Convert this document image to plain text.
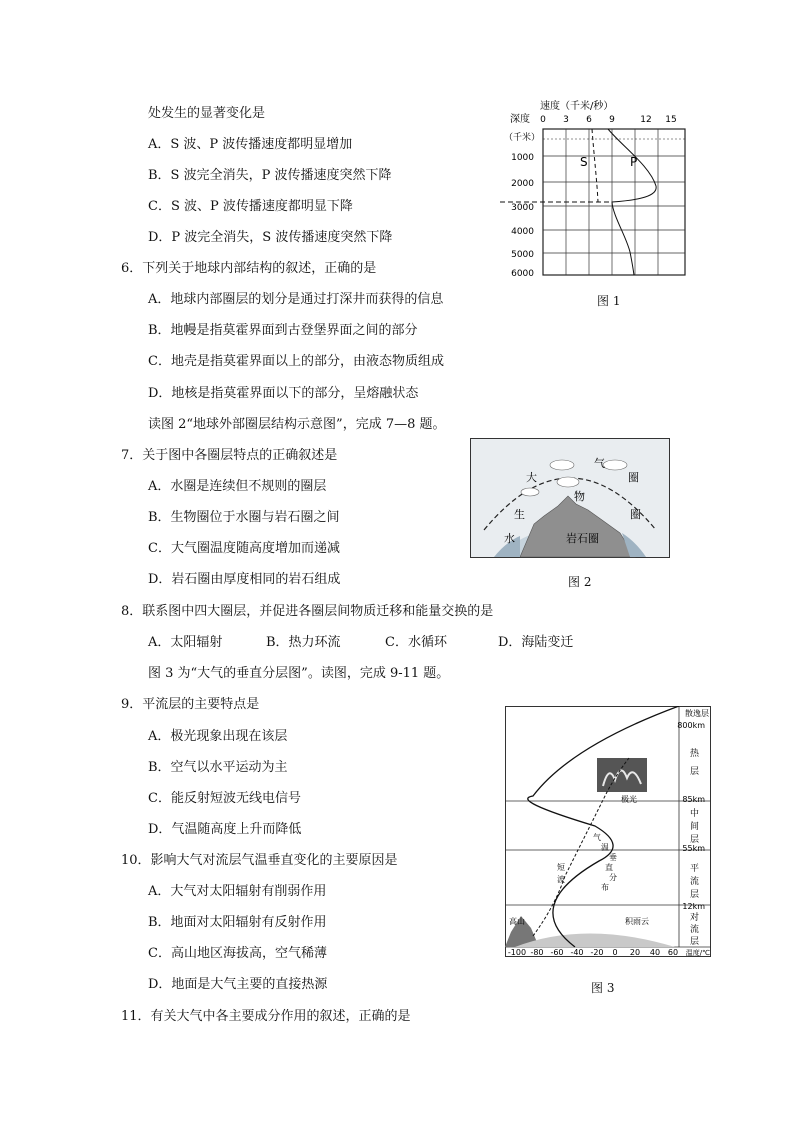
处发生的显著变化是
A．S 波、P 波传播速度都明显增加
B．S 波完全消失，P 波传播速度突然下降
C．S 波、P 波传播速度都明显下降
D．P 波完全消失，S 波传播速度突然下降
6．下列关于地球内部结构的叙述，正确的是
A．地球内部圈层的划分是通过打深井而获得的信息
B．地幔是指莫霍界面到古登堡界面之间的部分
C．地壳是指莫霍界面以上的部分，由液态物质组成
D．地核是指莫霍界面以下的部分，呈熔融状态
读图 2“地球外部圈层结构示意图”，完成 7—8 题。
7．关于图中各圈层特点的正确叙述是
A．水圈是连续但不规则的圈层
B．生物圈位于水圈与岩石圈之间
C．大气圈温度随高度增加而递减
D．岩石圈由厚度相同的岩石组成
8．联系图中四大圈层，并促进各圈层间物质迁移和能量交换的是
A．太阳辐射	B．热力环流	C．水循环	D．海陆变迁
图 3 为“大气的垂直分层图”。读图，完成 9-11 题。
9．平流层的主要特点是
A．极光现象出现在该层
B．空气以水平运动为主
C．能反射短波无线电信号
D．气温随高度上升而降低
10．影响大气对流层气温垂直变化的主要原因是
A．大气对太阳辐射有削弱作用
B．地面对太阳辐射有反射作用
C．高山地区海拔高，空气稀薄
D．地面是大气主要的直接热源
11．有关大气中各主要成分作用的叙述，正确的是
速度（千米/秒）
深度
（千米）
0 3 6 9	12 15
1000
2000
3000
4000
5000
6000
S	P
图 1
大
气
圈
生
物
圈
水	岩石圈
图 2
散逸层
800km
热
层
85km
中
间
层
55km
平
流
层
12km
对
流
层
极光
气
温
垂
直
分
布
短
波
高山	积雨云
-100 -80 -60 -40 -20 0 20 40 60 温度/℃
图 3
